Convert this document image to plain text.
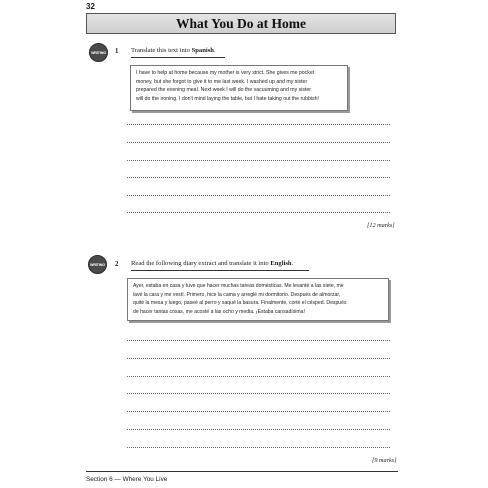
32
What You Do at Home
WRITING 1 Translate this text into Spanish.
I have to help at home because my mother is very strict. She gives me pocket
money, but she forgot to give it to me last week. I washed up and my sister
prepared the evening meal. Next week I will do the vacuuming and my sister
will do the ironing. I don't mind laying the table, but I hate taking out the rubbish!
[12 marks]
WRITING 2 Read the following diary extract and translate it into English.
Ayer, estaba en casa y tuve que hacer muchas tareas domésticas. Me levanté a las siete, me
lavé la cara y me vestí. Primero, hice la cama y arreglé mi dormitorio. Después de almorzar,
quité la mesa y luego, paseé al perro y saqué la basura. Finalmente, corté el césped. Después
de hacer tantas cosas, me acosté a las ocho y media. ¡Estaba cansadísima!
[9 marks]
Section 6 — Where You Live
